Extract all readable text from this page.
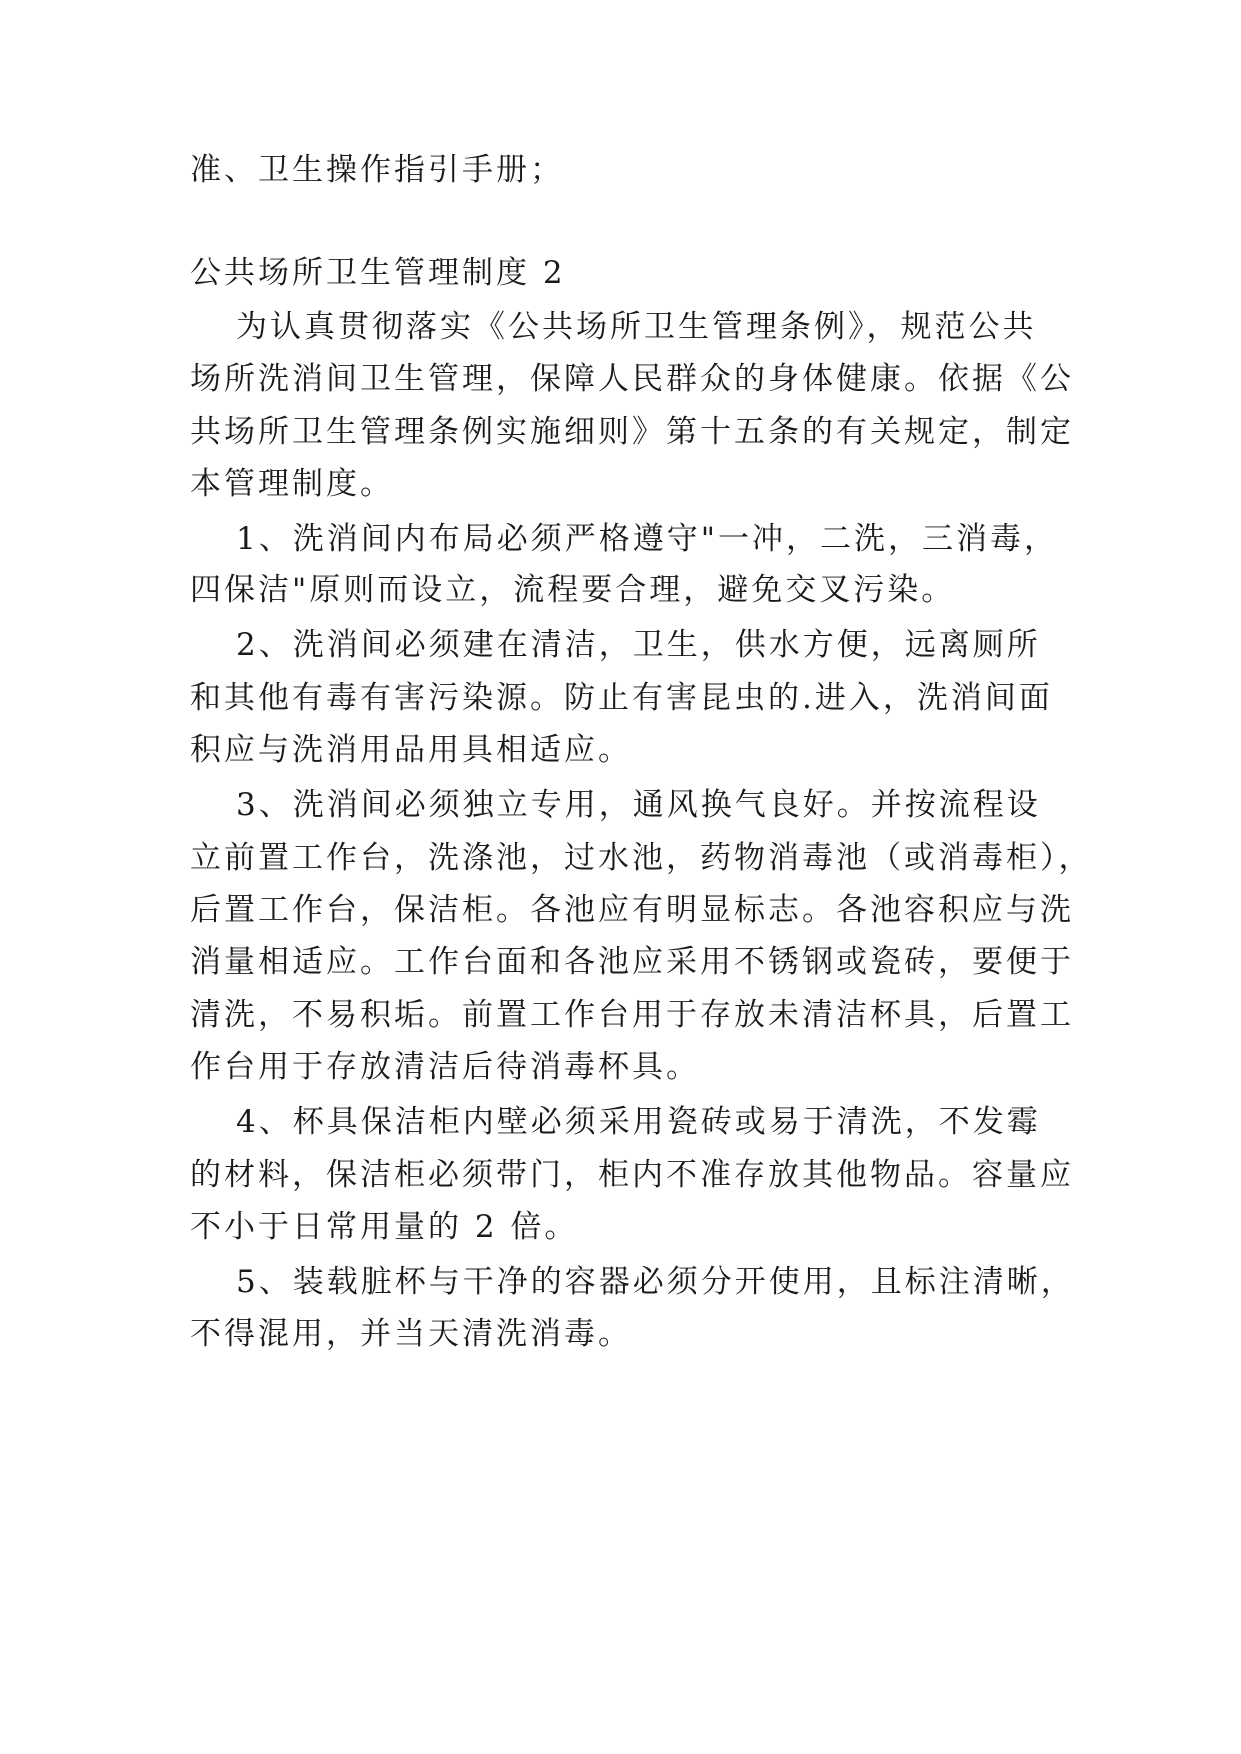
准、卫生操作指引手册；
公共场所卫生管理制度 2
为认真贯彻落实《公共场所卫生管理条例》，规范公共
场所洗消间卫生管理，保障人民群众的身体健康。依据《公
共场所卫生管理条例实施细则》第十五条的有关规定，制定
本管理制度。
1、洗消间内布局必须严格遵守"一冲，二洗，三消毒，
四保洁"原则而设立，流程要合理，避免交叉污染。
2、洗消间必须建在清洁，卫生，供水方便，远离厕所
和其他有毒有害污染源。防止有害昆虫的.进入，洗消间面
积应与洗消用品用具相适应。
3、洗消间必须独立专用，通风换气良好。并按流程设
立前置工作台，洗涤池，过水池，药物消毒池（或消毒柜），
后置工作台，保洁柜。各池应有明显标志。各池容积应与洗
消量相适应。工作台面和各池应采用不锈钢或瓷砖，要便于
清洗，不易积垢。前置工作台用于存放未清洁杯具，后置工
作台用于存放清洁后待消毒杯具。
4、杯具保洁柜内壁必须采用瓷砖或易于清洗，不发霉
的材料，保洁柜必须带门，柜内不准存放其他物品。容量应
不小于日常用量的 2 倍。
5、装载脏杯与干净的容器必须分开使用，且标注清晰，
不得混用，并当天清洗消毒。
